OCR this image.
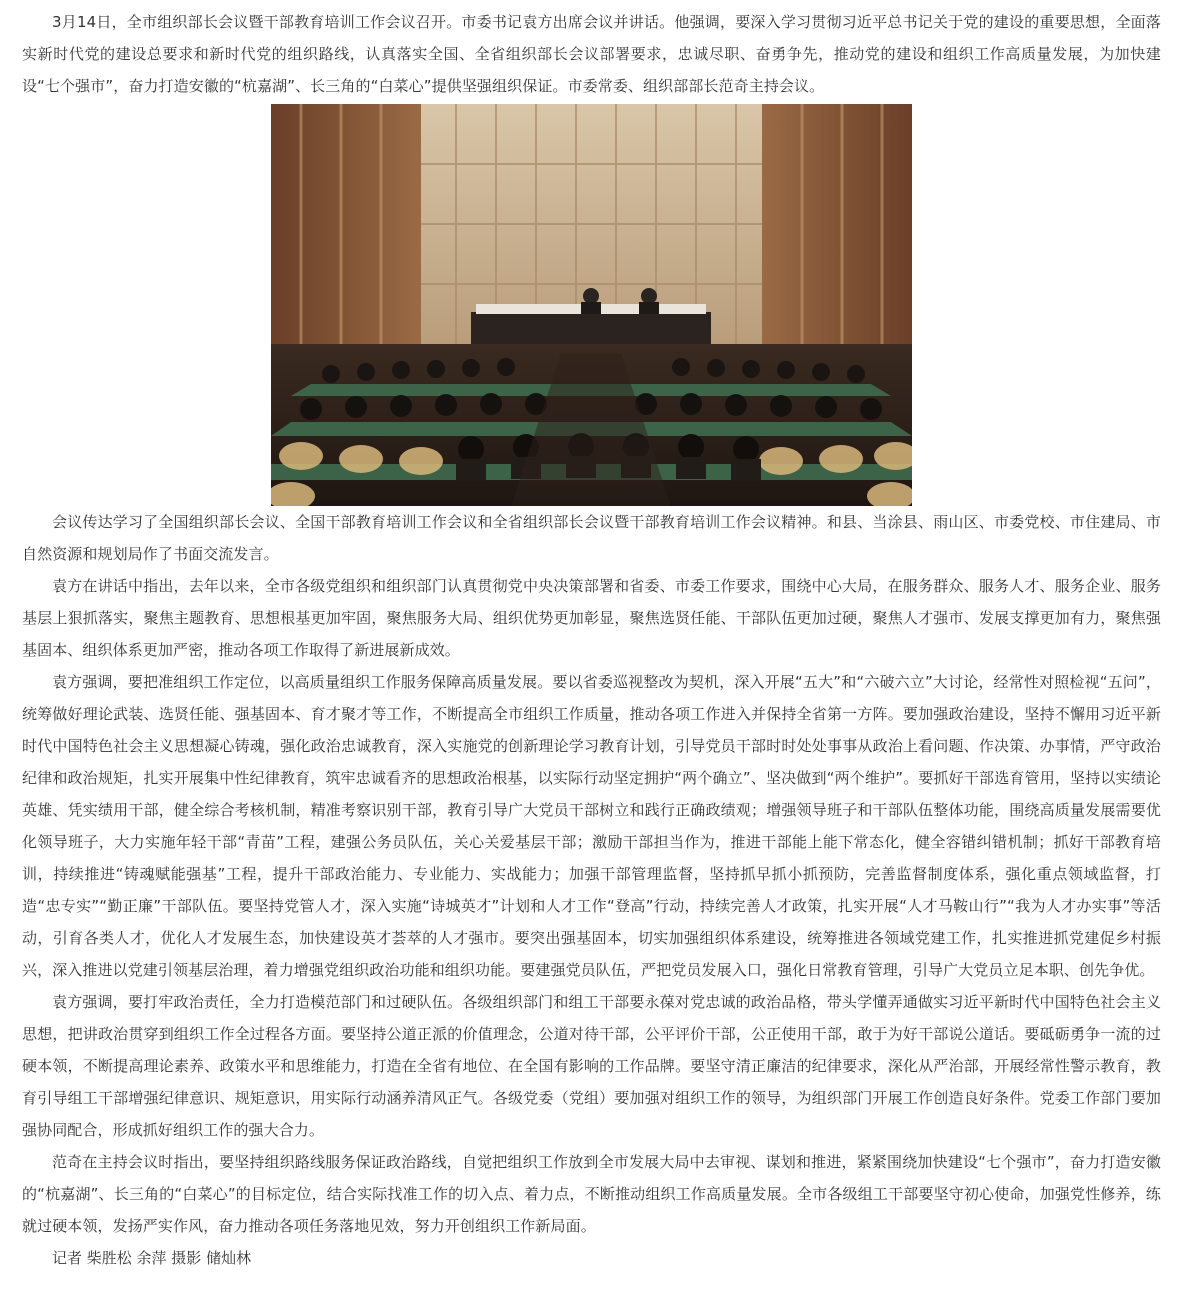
3月14日，全市组织部长会议暨干部教育培训工作会议召开。市委书记袁方出席会议并讲话。他强调，要深入学习贯彻习近平总书记关于党的建设的重要思想，全面落实新时代党的建设总要求和新时代党的组织路线，认真落实全国、全省组织部长会议部署要求，忠诚尽职、奋勇争先，推动党的建设和组织工作高质量发展，为加快建设“七个强市”，奋力打造安徽的“杭嘉湖”、长三角的“白菜心”提供坚强组织保证。市委常委、组织部部长范奇主持会议。

会议传达学习了全国组织部长会议、全国干部教育培训工作会议和全省组织部长会议暨干部教育培训工作会议精神。和县、当涂县、雨山区、市委党校、市住建局、市自然资源和规划局作了书面交流发言。

袁方在讲话中指出，去年以来，全市各级党组织和组织部门认真贯彻党中央决策部署和省委、市委工作要求，围绕中心大局，在服务群众、服务人才、服务企业、服务基层上狠抓落实，聚焦主题教育、思想根基更加牢固，聚焦服务大局、组织优势更加彰显，聚焦选贤任能、干部队伍更加过硬，聚焦人才强市、发展支撑更加有力，聚焦强基固本、组织体系更加严密，推动各项工作取得了新进展新成效。

袁方强调，要把准组织工作定位，以高质量组织工作服务保障高质量发展。要以省委巡视整改为契机，深入开展“五大”和“六破六立”大讨论，经常性对照检视“五问”，统筹做好理论武装、选贤任能、强基固本、育才聚才等工作，不断提高全市组织工作质量，推动各项工作进入并保持全省第一方阵。要加强政治建设，坚持不懈用习近平新时代中国特色社会主义思想凝心铸魂，强化政治忠诚教育，深入实施党的创新理论学习教育计划，引导党员干部时时处处事事从政治上看问题、作决策、办事情，严守政治纪律和政治规矩，扎实开展集中性纪律教育，筑牢忠诚看齐的思想政治根基，以实际行动坚定拥护“两个确立”、坚决做到“两个维护”。要抓好干部选育管用，坚持以实绩论英雄、凭实绩用干部，健全综合考核机制，精准考察识别干部，教育引导广大党员干部树立和践行正确政绩观；增强领导班子和干部队伍整体功能，围绕高质量发展需要优化领导班子，大力实施年轻干部“青苗”工程，建强公务员队伍，关心关爱基层干部；激励干部担当作为，推进干部能上能下常态化，健全容错纠错机制；抓好干部教育培训，持续推进“铸魂赋能强基”工程，提升干部政治能力、专业能力、实战能力；加强干部管理监督，坚持抓早抓小抓预防，完善监督制度体系，强化重点领域监督，打造“忠专实”“勤正廉”干部队伍。要坚持党管人才，深入实施“诗城英才”计划和人才工作“登高”行动，持续完善人才政策，扎实开展“人才马鞍山行”“我为人才办实事”等活动，引育各类人才，优化人才发展生态，加快建设英才荟萃的人才强市。要突出强基固本，切实加强组织体系建设，统筹推进各领域党建工作，扎实推进抓党建促乡村振兴，深入推进以党建引领基层治理，着力增强党组织政治功能和组织功能。要建强党员队伍，严把党员发展入口，强化日常教育管理，引导广大党员立足本职、创先争优。

袁方强调，要打牢政治责任，全力打造模范部门和过硬队伍。各级组织部门和组工干部要永葆对党忠诚的政治品格，带头学懂弄通做实习近平新时代中国特色社会主义思想，把讲政治贯穿到组织工作全过程各方面。要坚持公道正派的价值理念，公道对待干部，公平评价干部，公正使用干部，敢于为好干部说公道话。要砥砺勇争一流的过硬本领，不断提高理论素养、政策水平和思维能力，打造在全省有地位、在全国有影响的工作品牌。要坚守清正廉洁的纪律要求，深化从严治部，开展经常性警示教育，教育引导组工干部增强纪律意识、规矩意识，用实际行动涵养清风正气。各级党委（党组）要加强对组织工作的领导，为组织部门开展工作创造良好条件。党委工作部门要加强协同配合，形成抓好组织工作的强大合力。

范奇在主持会议时指出，要坚持组织路线服务保证政治路线，自觉把组织工作放到全市发展大局中去审视、谋划和推进，紧紧围绕加快建设“七个强市”，奋力打造安徽的“杭嘉湖”、长三角的“白菜心”的目标定位，结合实际找准工作的切入点、着力点，不断推动组织工作高质量发展。全市各级组工干部要坚守初心使命，加强党性修养，练就过硬本领，发扬严实作风，奋力推动各项任务落地见效，努力开创组织工作新局面。

记者 柴胜松 余萍 摄影 储灿林
